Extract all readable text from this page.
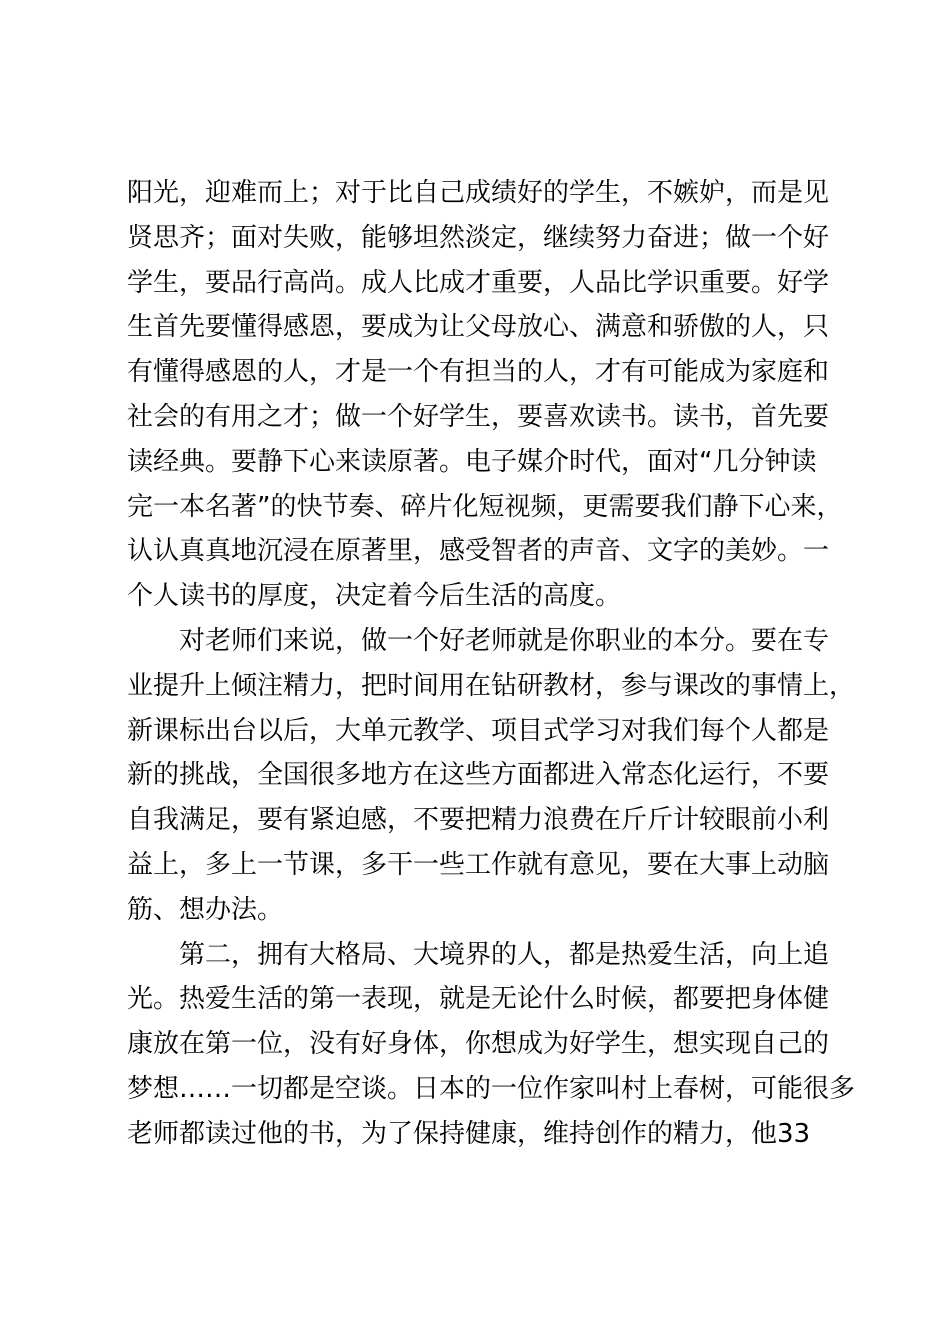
阳光，迎难而上；对于比自己成绩好的学生，不嫉妒，而是见
贤思齐；面对失败，能够坦然淡定，继续努力奋进；做一个好
学生，要品行高尚。成人比成才重要，人品比学识重要。好学
生首先要懂得感恩，要成为让父母放心、满意和骄傲的人，只
有懂得感恩的人，才是一个有担当的人，才有可能成为家庭和
社会的有用之才；做一个好学生，要喜欢读书。读书，首先要
读经典。要静下心来读原著。电子媒介时代，面对“几分钟读
完一本名著”的快节奏、碎片化短视频，更需要我们静下心来，
认认真真地沉浸在原著里，感受智者的声音、文字的美妙。一
个人读书的厚度，决定着今后生活的高度。
　　对老师们来说，做一个好老师就是你职业的本分。要在专
业提升上倾注精力，把时间用在钻研教材，参与课改的事情上，
新课标出台以后，大单元教学、项目式学习对我们每个人都是
新的挑战，全国很多地方在这些方面都进入常态化运行，不要
自我满足，要有紧迫感，不要把精力浪费在斤斤计较眼前小利
益上，多上一节课，多干一些工作就有意见，要在大事上动脑
筋、想办法。
　　第二，拥有大格局、大境界的人，都是热爱生活，向上追
光。热爱生活的第一表现，就是无论什么时候，都要把身体健
康放在第一位，没有好身体，你想成为好学生，想实现自己的
梦想……一切都是空谈。日本的一位作家叫村上春树，可能很多
老师都读过他的书，为了保持健康，维持创作的精力，他33
